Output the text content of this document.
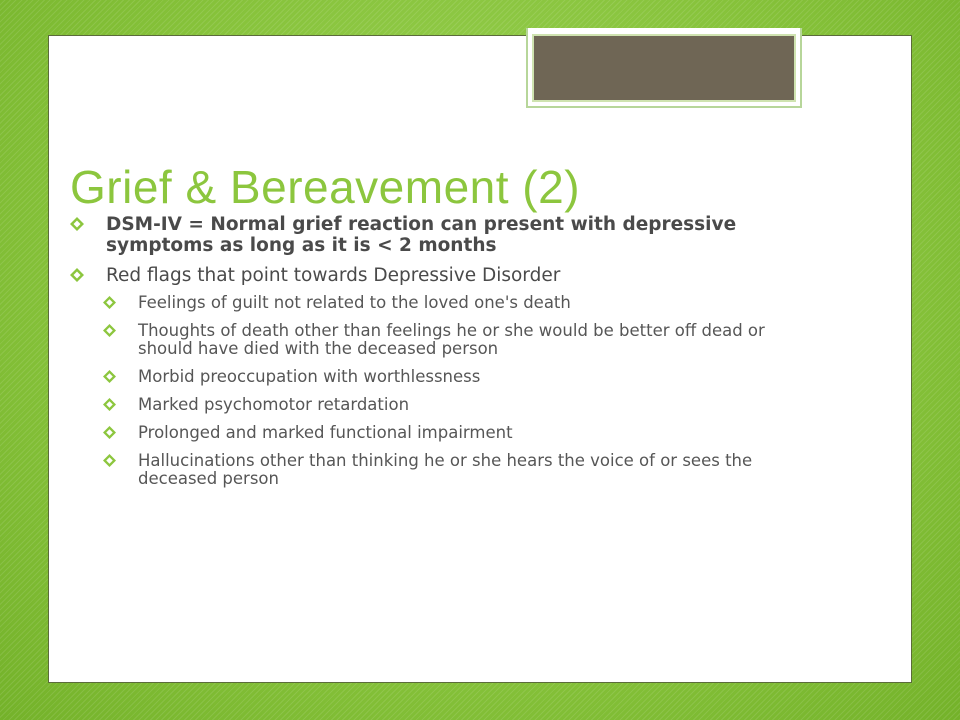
Grief & Bereavement (2)
DSM-IV = Normal grief reaction can present with depressive symptoms as long as it is < 2 months
Red flags that point towards Depressive Disorder
Feelings of guilt not related to the loved one's death
Thoughts of death other than feelings he or she would be better off dead or should have died with the deceased person
Morbid preoccupation with worthlessness
Marked psychomotor retardation
Prolonged and marked functional impairment
Hallucinations other than thinking he or she hears the voice of or sees the deceased person
